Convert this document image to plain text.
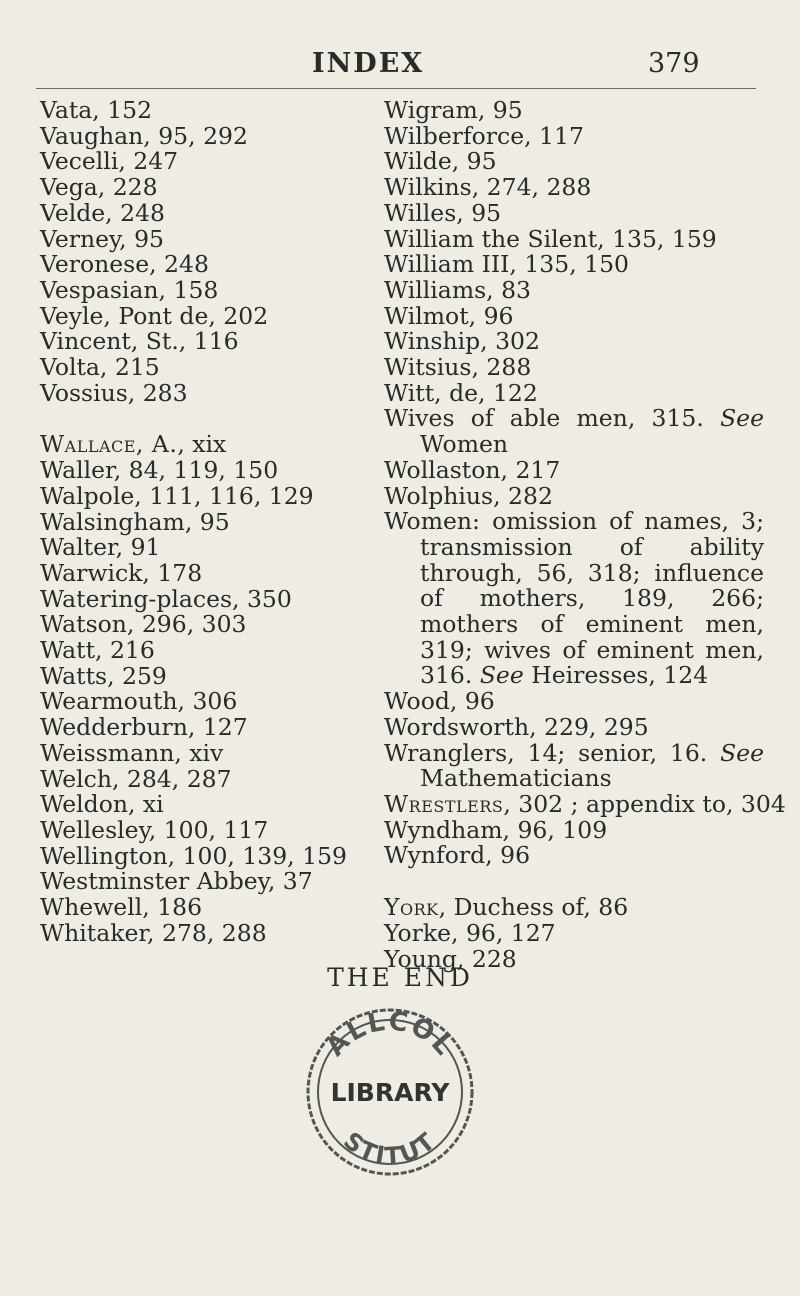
INDEX	379

Vata, 152

Vaughan, 95, 292

Vecelli, 247

Vega, 228

Velde, 248

Verney, 95

Veronese, 248

Vespasian, 158

Veyle, Pont de, 202

Vincent, St., 116

Volta, 215

Vossius, 283

Wallace, A., xix

Waller, 84, 119, 150

Walpole, 111, 116, 129

Walsingham, 95

Walter, 91

Warwick, 178

Watering-places, 350

Watson, 296, 303

Watt, 216

Watts, 259

Wearmouth, 306

Wedderburn, 127

Weissmann, xiv

Welch, 284, 287

Weldon, xi

Wellesley, 100, 117

Wellington, 100, 139, 159

Westminster Abbey, 37

Whewell, 186

Whitaker, 278, 288

Wigram, 95

Wilberforce, 117

Wilde, 95

Wilkins, 274, 288

Willes, 95

William the Silent, 135, 159

William III, 135, 150

Williams, 83

Wilmot, 96

Winship, 302

Witsius, 288

Witt, de, 122

Wives of able men, 315. See Women

Wollaston, 217

Wolphius, 282

Women: omission of names, 3; transmission of ability through, 56, 318; influence of mothers, 189, 266; mothers of eminent men, 319; wives of eminent men, 316. See Heiresses, 124

Wood, 96

Wordsworth, 229, 295

Wranglers, 14; senior, 16. See Mathematicians

Wrestlers, 302 ; appendix to, 304

Wyndham, 96, 109

Wynford, 96

York, Duchess of, 86

Yorke, 96, 127

Young, 228

THE END
ALLCOL
LIBRARY
STITUT
